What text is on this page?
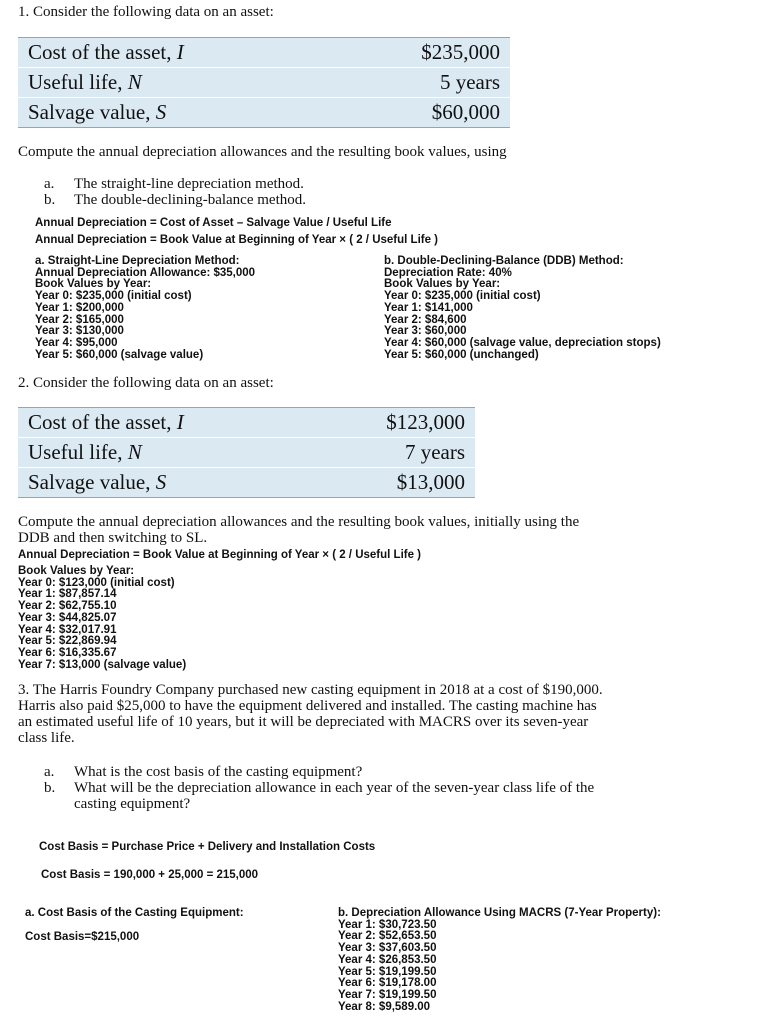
1. Consider the following data on an asset:
Cost of the asset, I	$235,000
Useful life, N	5 years
Salvage value, S	$60,000
Compute the annual depreciation allowances and the resulting book values, using
a. The straight-line depreciation method.
b. The double-declining-balance method.
Annual Depreciation = Cost of Asset – Salvage Value / Useful Life
Annual Depreciation = Book Value at Beginning of Year × ( 2 / Useful Life )
a. Straight-Line Depreciation Method:
Annual Depreciation Allowance: $35,000
Book Values by Year:
Year 0: $235,000 (initial cost)
Year 1: $200,000
Year 2: $165,000
Year 3: $130,000
Year 4: $95,000
Year 5: $60,000 (salvage value)
b. Double-Declining-Balance (DDB) Method:
Depreciation Rate: 40%
Book Values by Year:
Year 0: $235,000 (initial cost)
Year 1: $141,000
Year 2: $84,600
Year 3: $60,000
Year 4: $60,000 (salvage value, depreciation stops)
Year 5: $60,000 (unchanged)
2. Consider the following data on an asset:
Cost of the asset, I	$123,000
Useful life, N	7 years
Salvage value, S	$13,000
Compute the annual depreciation allowances and the resulting book values, initially using the
DDB and then switching to SL.
Annual Depreciation = Book Value at Beginning of Year × ( 2 / Useful Life )
Book Values by Year:
Year 0: $123,000 (initial cost)
Year 1: $87,857.14
Year 2: $62,755.10
Year 3: $44,825.07
Year 4: $32,017.91
Year 5: $22,869.94
Year 6: $16,335.67
Year 7: $13,000 (salvage value)
3. The Harris Foundry Company purchased new casting equipment in 2018 at a cost of $190,000.
Harris also paid $25,000 to have the equipment delivered and installed. The casting machine has
an estimated useful life of 10 years, but it will be depreciated with MACRS over its seven-year
class life.
a. What is the cost basis of the casting equipment?
b. What will be the depreciation allowance in each year of the seven-year class life of the
casting equipment?
Cost Basis = Purchase Price + Delivery and Installation Costs
Cost Basis = 190,000 + 25,000 = 215,000
a. Cost Basis of the Casting Equipment:
Cost Basis=$215,000
b. Depreciation Allowance Using MACRS (7-Year Property):
Year 1: $30,723.50
Year 2: $52,653.50
Year 3: $37,603.50
Year 4: $26,853.50
Year 5: $19,199.50
Year 6: $19,178.00
Year 7: $19,199.50
Year 8: $9,589.00
